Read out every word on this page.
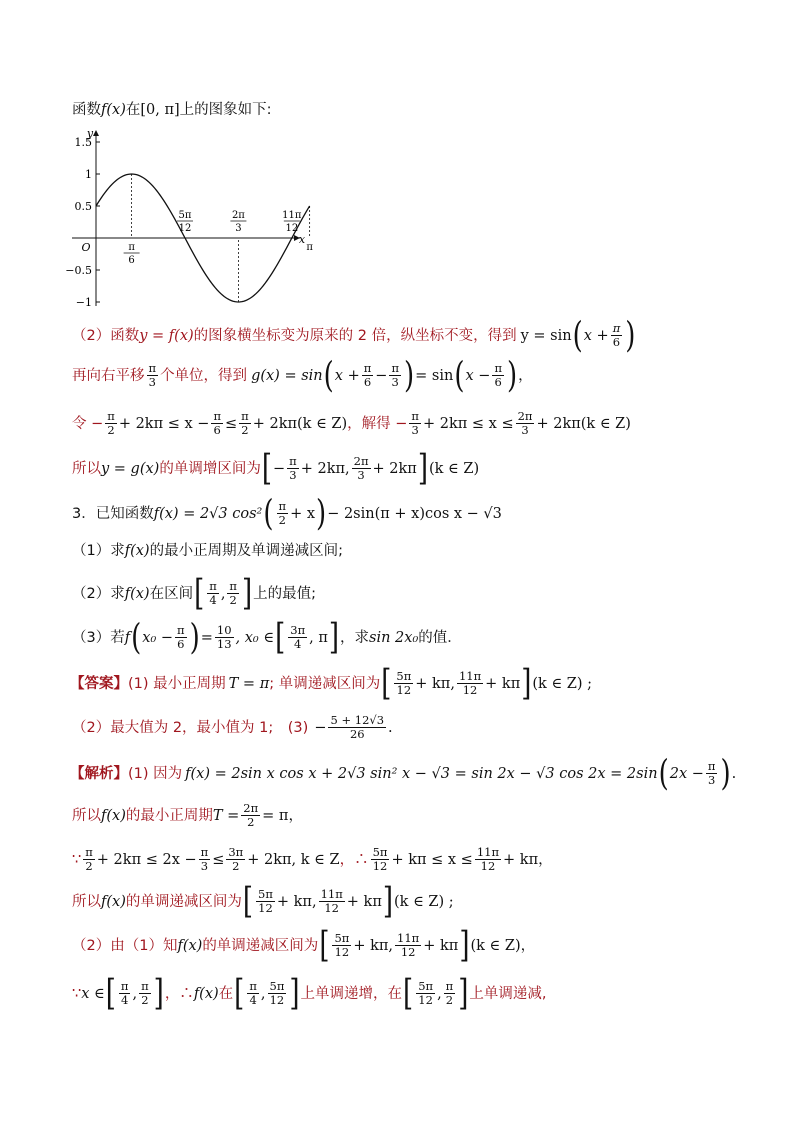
函数 f(x) 在 [0, π] 上的图象如下:
y
x
O
1.5
1
0.5
−0.5
−1
π
6
5π
12
2π
3
11π
12
π
（2）函数 y = f(x) 的图象横坐标变为原来的 2 倍，纵坐标不变，得到 y = sin ( $x + \frac{\pi}{6}$ )
再向右平移 $\frac{\pi}{3}$ 个单位，得到 g(x) = sin ( $x + \frac{\pi}{6} - \frac{\pi}{3}$ ) = sin ( $x - \frac{\pi}{6}$ ) ，
令 − $\frac{\pi}{2} + 2k\pi \le x - \frac{\pi}{6} \le \frac{\pi}{2} + 2k\pi(k$ ∈ Z) ，解得 − $\frac{\pi}{3} + 2k\pi \le x \le \frac{2\pi}{3} + 2k\pi(k$ ∈ Z)
所以 y = g(x) 的单调增区间为 [ − $\frac{\pi}{3} + 2k\pi$, $\frac{2\pi}{3} + 2k\pi$ ] (k ∈ Z)
3．已知函数 f(x) = 2√3 cos² ( $\frac{\pi}{2} + x$ ) − 2sin(π + x)cos x − √3
（1）求 f(x) 的最小正周期及单调递减区间;
（2）求 f(x) 在区间 [ $\frac{\pi}{4}$ , $\frac{\pi}{2}$ ] 上的最值;
（3）若 f ( $x_0 - \frac{\pi}{6}$ ) = $\frac{10}{13}$ , x₀ ∈ [ $\frac{3\pi}{4}$ , π ] ，求 sin 2x₀ 的值．
【答案】 (1) 最小正周期 T = π ; 单调递减区间为 [ $\frac{5\pi}{12} + k\pi$, $\frac{11\pi}{12} + k\pi$ ] (k ∈ Z) ;
（2）最大值为 2，最小值为 1;　$(3) - \frac{5 + 12√3}{26}$ .
【解析】 (1) 因为 f(x) = 2sin x cos x + 2√3 sin² x − √3 = sin 2x − √3 cos 2x = 2sin ( $2x - \frac{\pi}{3}$ ) .
所以 f(x) 的最小正周期 $T = \frac{2\pi}{2} = \pi$ ，
∵ $\frac{\pi}{2} + 2k\pi \le 2x - \frac{\pi}{3} \le \frac{3\pi}{2} + 2k\pi$, k ∈ Z ，∴ $\frac{5\pi}{12} + k\pi \le x \le \frac{11\pi}{12} + k\pi$ ，
所以 f(x) 的单调递减区间为 [ $\frac{5\pi}{12} + k\pi$, $\frac{11\pi}{12} + k\pi$ ] (k ∈ Z) ;
（2）由（1）知 f(x) 的单调递减区间为 [ $\frac{5\pi}{12} + k\pi$, $\frac{11\pi}{12} + k\pi$ ] (k ∈ Z)，
∵ x ∈ [ $\frac{\pi}{4}$ , $\frac{\pi}{2}$ ] ，∴ f(x) 在 [ $\frac{\pi}{4}$ , $\frac{5\pi}{12}$ ] 上单调递增，在 [ $\frac{5\pi}{12}$ , $\frac{\pi}{2}$ ] 上单调递减,
